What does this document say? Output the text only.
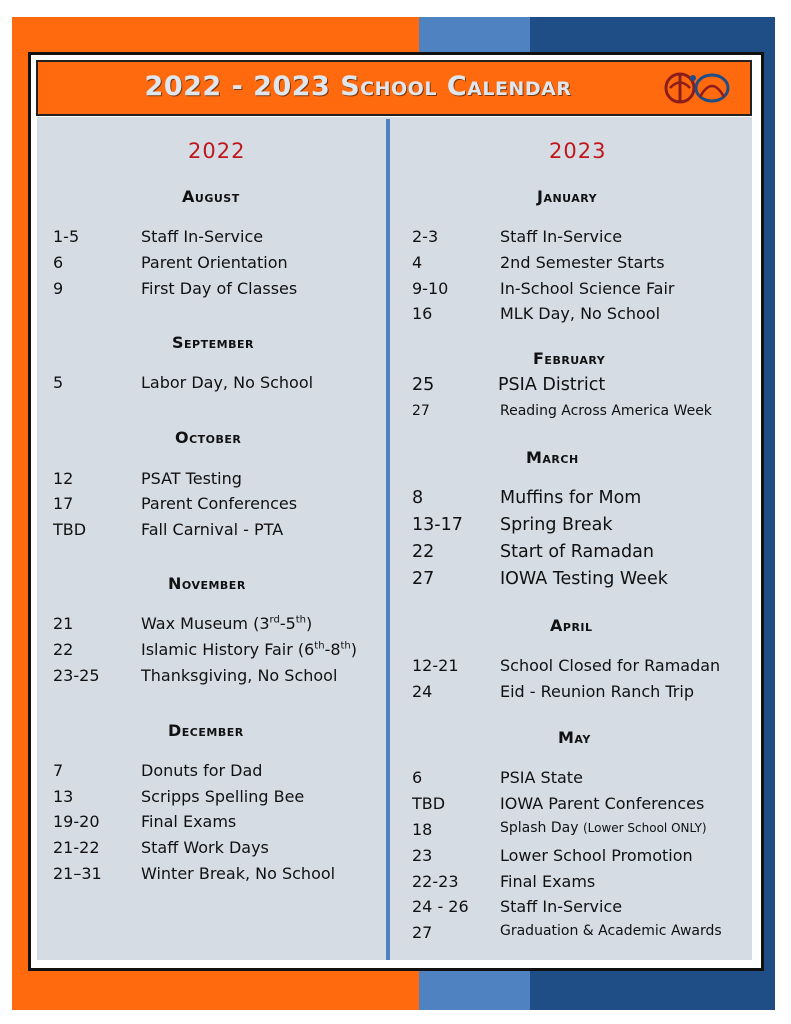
2022 - 2023 School Calendar
2022
August
1-5	Staff In-Service
6	Parent Orientation
9	First Day of Classes
September
5	Labor Day, No School
October
12	PSAT Testing
17	Parent Conferences
TBD	Fall Carnival - PTA
November
21	Wax Museum (3rd-5th)
22	Islamic History Fair (6th-8th)
23-25	Thanksgiving, No School
December
7	Donuts for Dad
13	Scripps Spelling Bee
19-20	Final Exams
21-22	Staff Work Days
21–31 Winter Break, No School
2023
January
2-3	Staff In-Service
4	2nd Semester Starts
9-10	In-School Science Fair
16	MLK Day, No School
February
25	PSIA District
27	Reading Across America Week
March
8	Muffins for Mom
13-17 Spring Break
22	Start of Ramadan
27	IOWA Testing Week
April
12-21	School Closed for Ramadan
24	Eid - Reunion Ranch Trip
May
6	PSIA State
TBD	IOWA Parent Conferences
18	Splash Day (Lower School ONLY)
23	Lower School Promotion
22-23	Final Exams
24 - 26 Staff In-Service
27	Graduation & Academic Awards
